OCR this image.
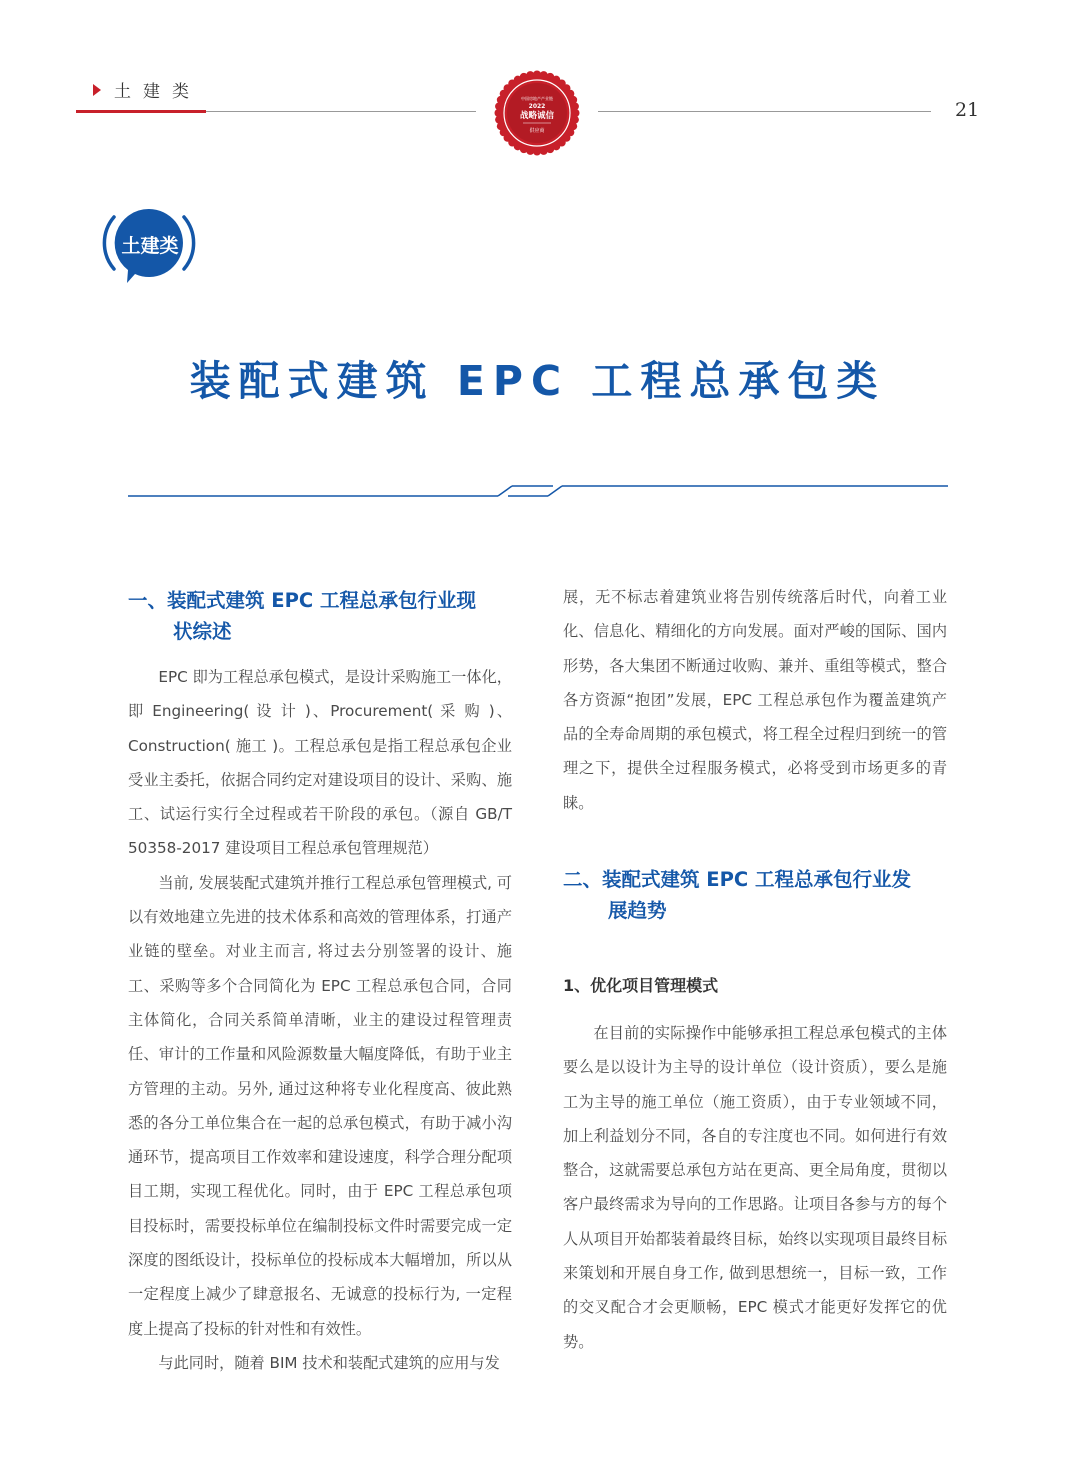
土建类
21
中国房地产产业链
2022
战略诚信
供应商
土建类
装配式建筑 EPC 工程总承包类
一、装配式建筑 EPC 工程总承包行业现
状综述

EPC 即为工程总承包模式，是设计采购施工一体化， 即 Engineering( 设 计 )、Procurement( 采 购 )、Construction( 施工 )。工程总承包是指工程总承包企业受业主委托，依据合同约定对建设项目的设计、采购、施工、试运行实行全过程或若干阶段的承包。（源自 GB/T 50358-2017 建设项目工程总承包管理规范）

当前, 发展装配式建筑并推行工程总承包管理模式, 可以有效地建立先进的技术体系和高效的管理体系，打通产业链的壁垒。对业主而言, 将过去分别签署的设计、施工、采购等多个合同简化为 EPC 工程总承包合同，合同主体简化，合同关系简单清晰，业主的建设过程管理责任、审计的工作量和风险源数量大幅度降低，有助于业主方管理的主动。另外, 通过这种将专业化程度高、彼此熟悉的各分工单位集合在一起的总承包模式，有助于减小沟通环节，提高项目工作效率和建设速度，科学合理分配项目工期，实现工程优化。同时，由于 EPC 工程总承包项目投标时，需要投标单位在编制投标文件时需要完成一定深度的图纸设计，投标单位的投标成本大幅增加，所以从一定程度上减少了肆意报名、无诚意的投标行为, 一定程度上提高了投标的针对性和有效性。

与此同时，随着 BIM 技术和装配式建筑的应用与发

展，无不标志着建筑业将告别传统落后时代，向着工业化、信息化、精细化的方向发展。面对严峻的国际、国内形势，各大集团不断通过收购、兼并、重组等模式，整合各方资源“抱团”发展，EPC 工程总承包作为覆盖建筑产品的全寿命周期的承包模式，将工程全过程归到统一的管理之下，提供全过程服务模式，必将受到市场更多的青睐。

二、装配式建筑 EPC 工程总承包行业发
展趋势
1、优化项目管理模式

在目前的实际操作中能够承担工程总承包模式的主体要么是以设计为主导的设计单位（设计资质），要么是施工为主导的施工单位（施工资质），由于专业领域不同，加上利益划分不同，各自的专注度也不同。如何进行有效整合，这就需要总承包方站在更高、更全局角度，贯彻以客户最终需求为导向的工作思路。让项目各参与方的每个人从项目开始都装着最终目标，始终以实现项目最终目标来策划和开展自身工作, 做到思想统一，目标一致，工作的交叉配合才会更顺畅，EPC 模式才能更好发挥它的优势。
